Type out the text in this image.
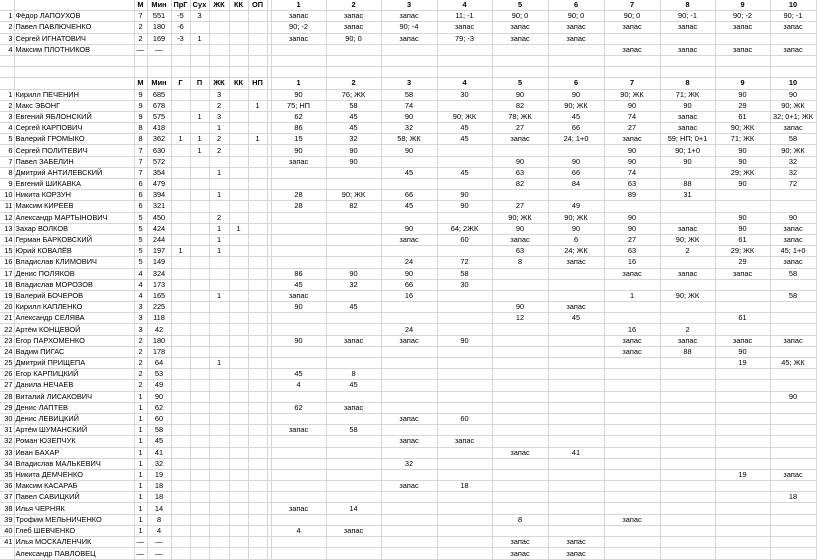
		М	Мин	ПрГ	Сух	ЖК	КК	ОП		1	2	3	4	5	6	7	8	9	10
1	Фёдор ЛАПОУХОВ	7	551	-5	3					запас	запас	запас	11; -1	90; 0	90; 0	90; 0	90; -1	90; -2	90; -1
2	Павел ПАВЛЮЧЕНКО	2	180	-6						90; -2	запас	90; -4	запас	запас	запас	запас	запас	запас	запас
3	Сергей ИГНАТОВИЧ	2	169	-3	1					запас	90; 0	запас	79; -3	запас	запас				
4	Максим ПЛОТНИКОВ	—	—													запас	запас	запас	запас

		М	Мин	Г	П	ЖК	КК	НП		1	2	3	4	5	6	7	8	9	10
1	Кирилл ПЕЧЕНИН	9	685			3				90	76; ЖК	58	30	90	90	90; ЖК	71; ЖК	90	90
2	Макс ЭБОНГ	9	678			2		1		75; НП	58	74		82	90; ЖК	90	90	29	90; ЖК
3	Евгений ЯБЛОНСКИЙ	9	575		1	3				62	45	90	90; ЖК	78; ЖК	45	74	запас	61	32; 0+1; ЖК
4	Сергей КАРПОВИЧ	8	418			1				86	45	32	45	27	66	27	запас	90; ЖК	запас
5	Валерий ГРОМЫКО	8	362	1	1	2		1		15	32	58; ЖК	45	запас	24; 1+0	запас	59; НП; 0+1	71; ЖК	58
6	Сергей ПОЛИТЕВИЧ	7	630		1	2				90	90	90				90	90; 1+0	90	90; ЖК
7	Павел ЗАБЕЛИН	7	572							запас	90			90	90	90	90	90	32
8	Дмитрий АНТИЛЕВСКИЙ	7	354			1						45	45	63	66	74		29; ЖК	32
9	Евгений ШИКАВКА	6	479											82	84	63	88	90	72
10	Никита КОРЗУН	6	394			1				28	90; ЖК	66	90			89	31		
11	Максим КИРЕЕВ	6	321							28	82	45	90	27	49				
12	Александр МАРТЫНОВИЧ	5	450			2								90; ЖК	90; ЖК	90		90	90
13	Захар ВОЛКОВ	5	424			1	1					90	64; 2ЖК	90	90	90	запас	90	запас
14	Герман БАРКОВСКИЙ	5	244			1						запас	60	запас	6	27	90; ЖК	61	запас
15	Юрий КОВАЛЁВ	5	197	1		1								63	24; ЖК	63	2	29; ЖК	45; 1+0
16	Владислав КЛИМОВИЧ	5	149									24	72	8	запас	16		29	запас
17	Денис ПОЛЯКОВ	4	324							86	90	90	58			запас	запас	запас	58
18	Владислав МОРОЗОВ	4	173							45	32	66	30						
19	Валерий БОЧЕРОВ	4	165			1				запас		16				1	90; ЖК		58
20	Кирилл КАПЛЕНКО	3	225							90	45			90	запас				
21	Александр СЕЛЯВА	3	118											12	45			61	
22	Артём КОНЦЕВОЙ	3	42									24				16	2		
23	Егор ПАРХОМЕНКО	2	180							90	запас	запас	90			запас	запас	запас	запас
24	Вадим ПИГАС	2	178													запас	88	90	
25	Дмитрий ПРИЩЕПА	2	64			1												19	45; ЖК
26	Егор КАРПИЦКИЙ	2	53							45	8								
27	Данила НЕЧАЕВ	2	49							4	45								
28	Виталий ЛИСАКОВИЧ	1	90																90
29	Денис ЛАПТЕВ	1	62							62	запас								
30	Денис ЛЕВИЦКИЙ	1	60									запас	60						
31	Артём ШУМАНСКИЙ	1	58							запас	58								
32	Роман ЮЗЕПЧУК	1	45									запас	запас						
33	Иван БАХАР	1	41											запас	41				
34	Владислав МАЛЬКЕВИЧ	1	32									32							
35	Никита ДЕМЧЕНКО	1	19															19	запас
36	Максим КАСАРАБ	1	18									запас	18						
37	Павел САВИЦКИЙ	1	18																18
38	Илья ЧЕРНЯК	1	14							запас	14								
39	Трофим МЕЛЬНИЧЕНКО	1	8											8		запас			
40	Глеб ШЕВЧЕНКО	1	4							4	запас								
41	Илья МОСКАЛЕНЧИК	—	—											запас	запас				
	Александр ПАВЛОВЕЦ	—	—											запас	запас				
